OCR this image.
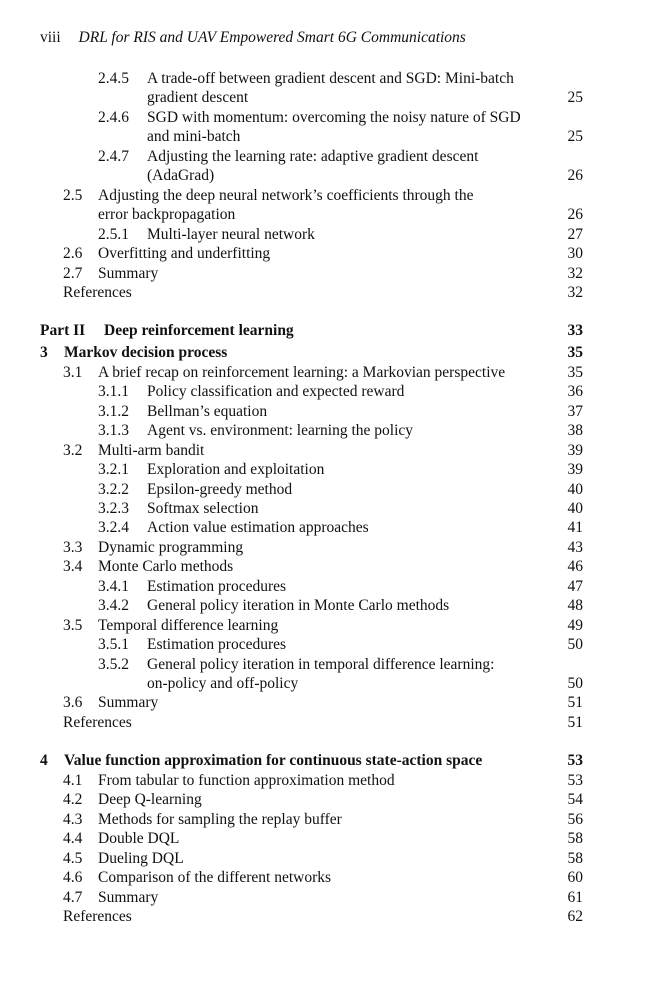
viii DRL for RIS and UAV Empowered Smart 6G Communications
2.4.5 A trade-off between gradient descent and SGD: Mini-batch
gradient descent	25
2.4.6 SGD with momentum: overcoming the noisy nature of SGD
and mini-batch	25
2.4.7 Adjusting the learning rate: adaptive gradient descent
(AdaGrad)	26
2.5 Adjusting the deep neural network’s coefficients through the
error backpropagation	26
2.5.1 Multi-layer neural network	27
2.6 Overfitting and underfitting	30
2.7 Summary	32
References	32
Part II Deep reinforcement learning	33
3 Markov decision process	35
3.1 A brief recap on reinforcement learning: a Markovian perspective	35
3.1.1 Policy classification and expected reward	36
3.1.2 Bellman’s equation	37
3.1.3 Agent vs. environment: learning the policy	38
3.2 Multi-arm bandit	39
3.2.1 Exploration and exploitation	39
3.2.2 Epsilon-greedy method	40
3.2.3 Softmax selection	40
3.2.4 Action value estimation approaches	41
3.3 Dynamic programming	43
3.4 Monte Carlo methods	46
3.4.1 Estimation procedures	47
3.4.2 General policy iteration in Monte Carlo methods	48
3.5 Temporal difference learning	49
3.5.1 Estimation procedures	50
3.5.2 General policy iteration in temporal difference learning:
on-policy and off-policy	50
3.6 Summary	51
References	51
4 Value function approximation for continuous state-action space	53
4.1 From tabular to function approximation method	53
4.2 Deep Q-learning	54
4.3 Methods for sampling the replay buffer	56
4.4 Double DQL	58
4.5 Dueling DQL	58
4.6 Comparison of the different networks	60
4.7 Summary	61
References	62
